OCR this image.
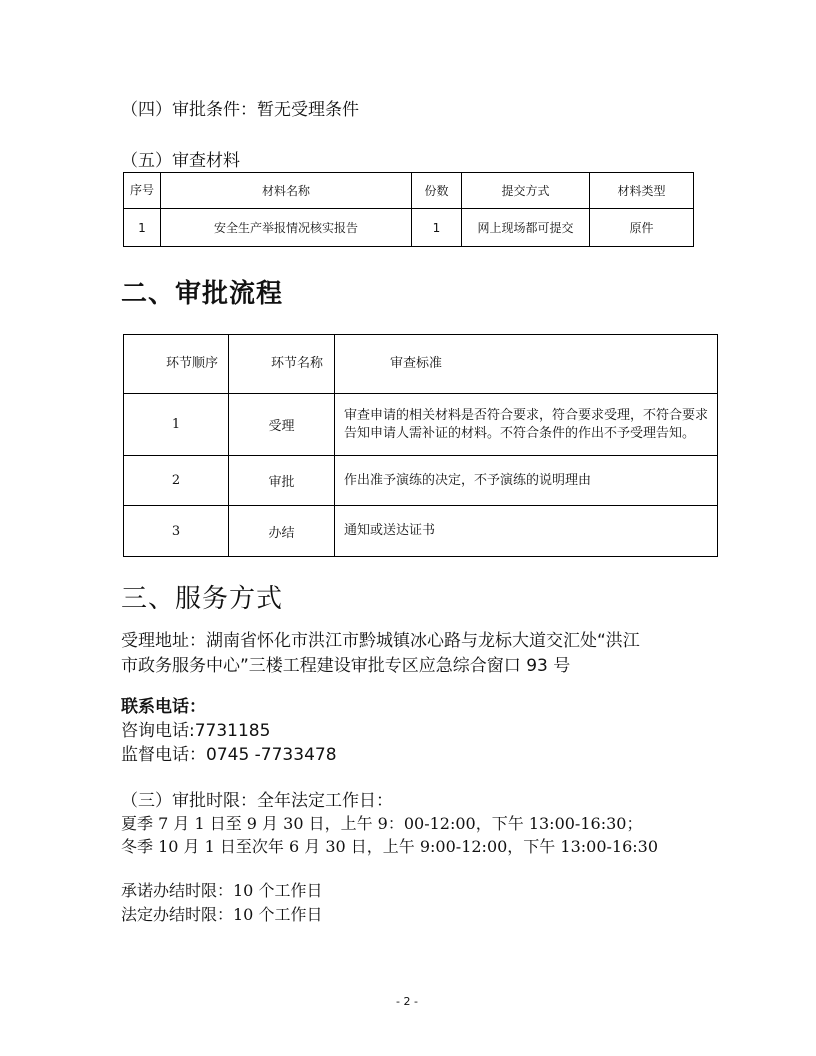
（四）审批条件：暂无受理条件
（五）审查材料
序号	材料名称	份数	提交方式	材料类型
1	安全生产举报情况核实报告	1	网上现场都可提交	原件
二、审批流程
环节顺序	环节名称	审查标准
1	受理	审查申请的相关材料是否符合要求，符合要求受理，不符合要求告知申请人需补证的材料。不符合条件的作出不予受理告知。
2	审批	作出准予演练的决定，不予演练的说明理由
3	办结	通知或送达证书
三、服务方式
受理地址：湖南省怀化市洪江市黔城镇冰心路与龙标大道交汇处“洪江
市政务服务中心”三楼工程建设审批专区应急综合窗口 93 号
联系电话：
咨询电话:7731185
监督电话：0745 -7733478
（三）审批时限：全年法定工作日：
夏季 7 月 1 日至 9 月 30 日，上午 9：00-12:00，下午 13:00-16:30；
冬季 10 月 1 日至次年 6 月 30 日，上午 9:00-12:00，下午 13:00-16:30
承诺办结时限：10 个工作日
法定办结时限：10 个工作日
- 2 -
